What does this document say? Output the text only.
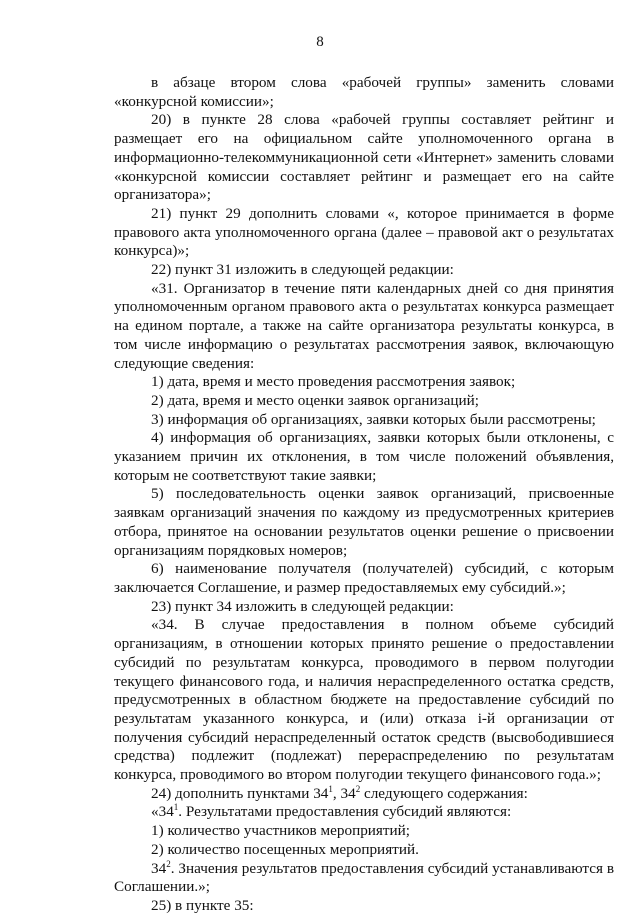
8

в абзаце втором слова «рабочей группы» заменить словами «конкурсной комиссии»;

20) в пункте 28 слова «рабочей группы составляет рейтинг и размещает его на официальном сайте уполномоченного органа в информационно-телекоммуникационной сети «Интернет» заменить словами «конкурсной комиссии составляет рейтинг и размещает его на сайте организатора»;

21) пункт 29 дополнить словами «, которое принимается в форме правового акта уполномоченного органа (далее – правовой акт о результатах конкурса)»;

22) пункт 31 изложить в следующей редакции:

«31. Организатор в течение пяти календарных дней со дня принятия уполномоченным органом правового акта о результатах конкурса размещает на едином портале, а также на сайте организатора результаты конкурса, в том числе информацию о результатах рассмотрения заявок, включающую следующие сведения:

1) дата, время и место проведения рассмотрения заявок;

2) дата, время и место оценки заявок организаций;

3) информация об организациях, заявки которых были рассмотрены;

4) информация об организациях, заявки которых были отклонены, с указанием причин их отклонения, в том числе положений объявления, которым не соответствуют такие заявки;

5) последовательность оценки заявок организаций, присвоенные заявкам организаций значения по каждому из предусмотренных критериев отбора, принятое на основании результатов оценки решение о присвоении организациям порядковых номеров;

6) наименование получателя (получателей) субсидий, с которым заключается Соглашение, и размер предоставляемых ему субсидий.»;

23) пункт 34 изложить в следующей редакции:

«34. В случае предоставления в полном объеме субсидий организациям, в отношении которых принято решение о предоставлении субсидий по результатам конкурса, проводимого в первом полугодии текущего финансового года, и наличия нераспределенного остатка средств, предусмотренных в областном бюджете на предоставление субсидий по результатам указанного конкурса, и (или) отказа i-й организации от получения субсидий нераспределенный остаток средств (высвободившиеся средства) подлежит (подлежат) перераспределению по результатам конкурса, проводимого во втором полугодии текущего финансового года.»;

24) дополнить пунктами $34^1$, $34^2$ следующего содержания:

«$34^1$. Результатами предоставления субсидий являются:

1) количество участников мероприятий;

2) количество посещенных мероприятий.

$34^2$. Значения результатов предоставления субсидий устанавливаются в Соглашении.»;

25) в пункте 35:
